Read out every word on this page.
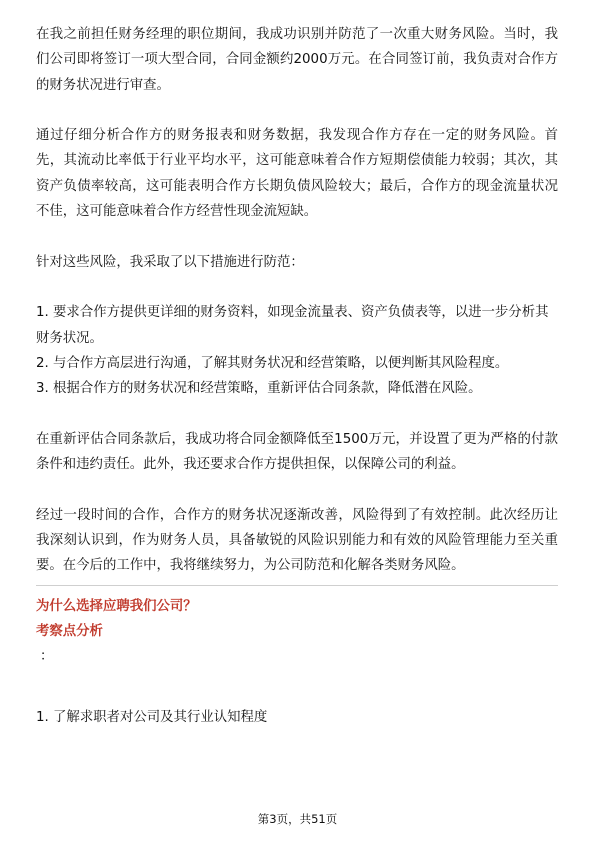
在我之前担任财务经理的职位期间，我成功识别并防范了一次重大财务风险。当时，我们公司即将签订一项大型合同，合同金额约2000万元。在合同签订前，我负责对合作方的财务状况进行审查。

通过仔细分析合作方的财务报表和财务数据，我发现合作方存在一定的财务风险。首先，其流动比率低于行业平均水平，这可能意味着合作方短期偿债能力较弱；其次，其资产负债率较高，这可能表明合作方长期负债风险较大；最后，合作方的现金流量状况不佳，这可能意味着合作方经营性现金流短缺。

针对这些风险，我采取了以下措施进行防范：

1. 要求合作方提供更详细的财务资料，如现金流量表、资产负债表等，以进一步分析其财务状况。

2. 与合作方高层进行沟通，了解其财务状况和经营策略，以便判断其风险程度。

3. 根据合作方的财务状况和经营策略，重新评估合同条款，降低潜在风险。

在重新评估合同条款后，我成功将合同金额降低至1500万元，并设置了更为严格的付款条件和违约责任。此外，我还要求合作方提供担保，以保障公司的利益。

经过一段时间的合作，合作方的财务状况逐渐改善，风险得到了有效控制。此次经历让我深刻认识到，作为财务人员，具备敏锐的风险识别能力和有效的风险管理能力至关重要。在今后的工作中，我将继续努力，为公司防范和化解各类财务风险。

为什么选择应聘我们公司？

考察点分析

：

1. 了解求职者对公司及其行业认知程度

第3页，共51页
